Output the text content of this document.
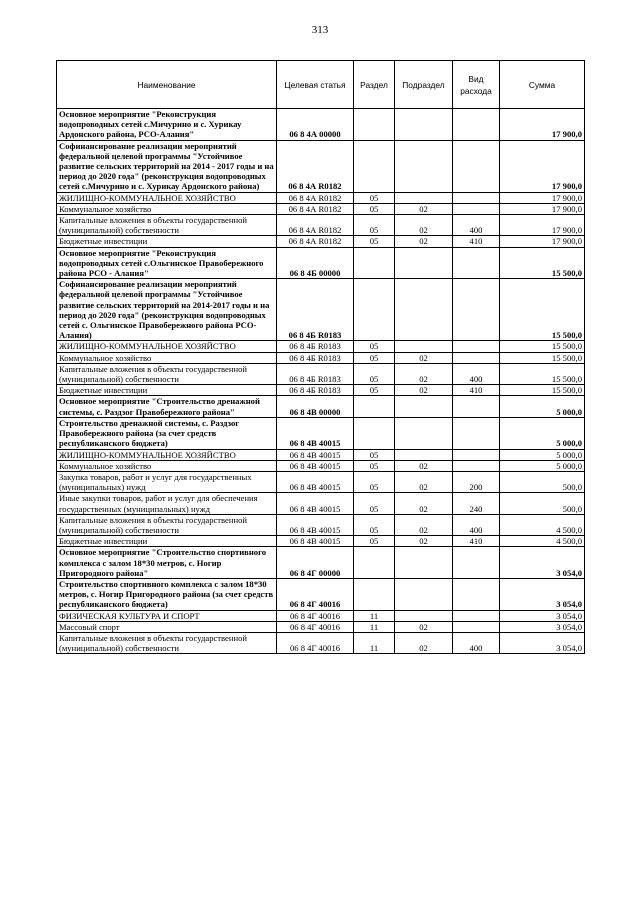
313
Наименование	Целевая статья	Раздел	Подраздел	Вид расхода	Сумма
Основное мероприятие "Реконструкция водопроводных сетей с.Мичурино и с. Хурикау Ардонского района, РСО-Алания"	06 8 4А 00000				17 900,0
Софинансирование реализации мероприятий федеральной целевой программы "Устойчивое развитие сельских территорий на 2014 - 2017 годы и на период до 2020 года" (реконструкция водопроводных сетей с.Мичурино и с. Хурикау Ардонского района)	06 8 4А R0182				17 900,0
ЖИЛИЩНО-КОММУНАЛЬНОЕ ХОЗЯЙСТВО	06 8 4А R0182	05			17 900,0
Коммунальное хозяйство	06 8 4А R0182	05	02		17 900,0
Капитальные вложения в объекты государственной (муниципальной) собственности	06 8 4А R0182	05	02	400	17 900,0
Бюджетные инвестиции	06 8 4А R0182	05	02	410	17 900,0
Основное мероприятие "Реконструкция водопроводных сетей с.Ольгинское Правобережного района РСО - Алания"	06 8 4Б 00000				15 500,0
Софинансирование реализации мероприятий федеральной целевой программы "Устойчивое развитие сельских территорий на 2014-2017 годы и на период до 2020 года" (реконструкция водопроводных сетей с. Ольгинское Правобережного района РСО- Алания)	06 8 4Б R0183				15 500,0
ЖИЛИЩНО-КОММУНАЛЬНОЕ ХОЗЯЙСТВО	06 8 4Б R0183	05			15 500,0
Коммунальное хозяйство	06 8 4Б R0183	05	02		15 500,0
Капитальные вложения в объекты государственной (муниципальной) собственности	06 8 4Б R0183	05	02	400	15 500,0
Бюджетные инвестиции	06 8 4Б R0183	05	02	410	15 500,0
Основное мероприятие "Строительство дренажной системы, с. Раздзог Правобережного района"	06 8 4В 00000				5 000,0
Строительство дренажной системы, с. Раздзог Правобережного района (за счет средств республиканского бюджета)	06 8 4В 40015				5 000,0
ЖИЛИЩНО-КОММУНАЛЬНОЕ ХОЗЯЙСТВО	06 8 4В 40015	05			5 000,0
Коммунальное хозяйство	06 8 4В 40015	05	02		5 000,0
Закупка товаров, работ и услуг для государственных (муниципальных) нужд	06 8 4В 40015	05	02	200	500,0
Иные закупки товаров, работ и услуг для обеспечения государственных (муниципальных) нужд	06 8 4В 40015	05	02	240	500,0
Капитальные вложения в объекты государственной (муниципальной) собственности	06 8 4В 40015	05	02	400	4 500,0
Бюджетные инвестиции	06 8 4В 40015	05	02	410	4 500,0
Основное мероприятие "Строительство спортивного комплекса с залом 18*30 метров, с. Ногир Пригородного района"	06 8 4Г 00000				3 054,0
Строительство спортивного комплекса с залом 18*30 метров, с. Ногир Пригородного района (за счет средств республиканского бюджета)	06 8 4Г 40016				3 054,0
ФИЗИЧЕСКАЯ КУЛЬТУРА И СПОРТ	06 8 4Г 40016	11			3 054,0
Массовый спорт	06 8 4Г 40016	11	02		3 054,0
Капитальные вложения в объекты государственной (муниципальной) собственности	06 8 4Г 40016	11	02	400	3 054,0
